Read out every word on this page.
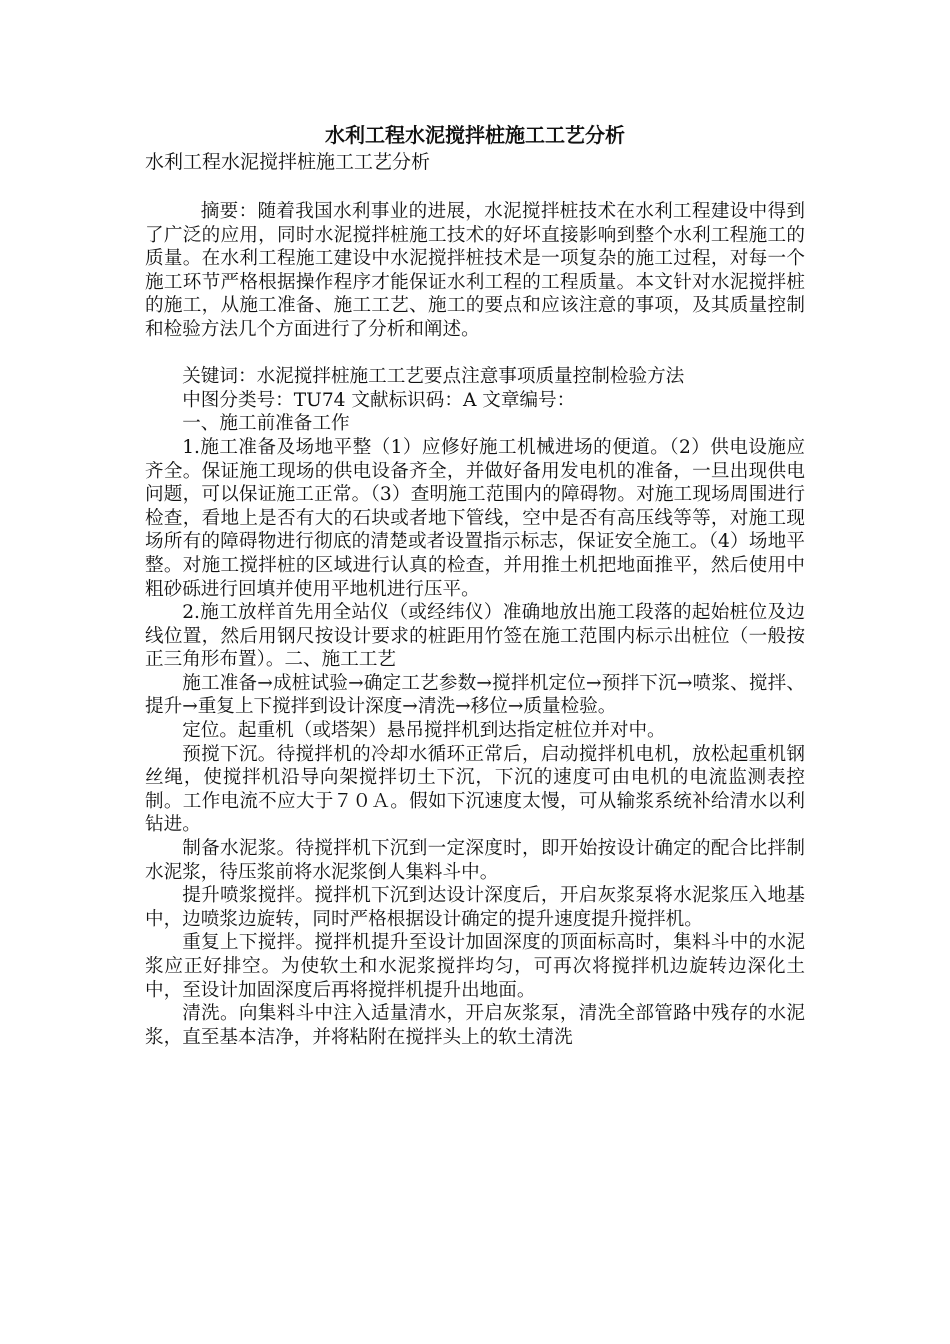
水利工程水泥搅拌桩施工工艺分析
水利工程水泥搅拌桩施工工艺分析

摘要：随着我国水利事业的进展，水泥搅拌桩技术在水利工程建设中得到了广泛的应用，同时水泥搅拌桩施工技术的好坏直接影响到整个水利工程施工的质量。在水利工程施工建设中水泥搅拌桩技术是一项复杂的施工过程，对每一个施工环节严格根据操作程序才能保证水利工程的工程质量。本文针对水泥搅拌桩的施工，从施工准备、施工工艺、施工的要点和应该注意的事项，及其质量控制和检验方法几个方面进行了分析和阐述。

关键词：水泥搅拌桩施工工艺要点注意事项质量控制检验方法

中图分类号：TU74 文献标识码：A 文章编号：

一、施工前准备工作

1.施工准备及场地平整（1）应修好施工机械进场的便道。（2）供电设施应齐全。保证施工现场的供电设备齐全，并做好备用发电机的准备，一旦出现供电问题，可以保证施工正常。（3）查明施工范围内的障碍物。对施工现场周围进行检查，看地上是否有大的石块或者地下管线，空中是否有高压线等等，对施工现场所有的障碍物进行彻底的清楚或者设置指示标志，保证安全施工。（4）场地平整。对施工搅拌桩的区域进行认真的检查，并用推土机把地面推平，然后使用中粗砂砾进行回填并使用平地机进行压平。

2.施工放样首先用全站仪（或经纬仪）准确地放出施工段落的起始桩位及边线位置，然后用钢尺按设计要求的桩距用竹签在施工范围内标示出桩位（一般按正三角形布置）。二、施工工艺

施工准备→成桩试验→确定工艺参数→搅拌机定位→预拌下沉→喷浆、搅拌、提升→重复上下搅拌到设计深度→清洗→移位→质量检验。

定位。起重机（或塔架）悬吊搅拌机到达指定桩位并对中。

预搅下沉。待搅拌机的冷却水循环正常后，启动搅拌机电机，放松起重机钢丝绳，使搅拌机沿导向架搅拌切土下沉，下沉的速度可由电机的电流监测表控制。工作电流不应大于７０Ａ。假如下沉速度太慢，可从输浆系统补给清水以利钻进。

制备水泥浆。待搅拌机下沉到一定深度时，即开始按设计确定的配合比拌制水泥浆，待压浆前将水泥浆倒人集料斗中。

提升喷浆搅拌。搅拌机下沉到达设计深度后，开启灰浆泵将水泥浆压入地基中，边喷浆边旋转，同时严格根据设计确定的提升速度提升搅拌机。

重复上下搅拌。搅拌机提升至设计加固深度的顶面标高时，集料斗中的水泥浆应正好排空。为使软土和水泥浆搅拌均匀，可再次将搅拌机边旋转边深化土中，至设计加固深度后再将搅拌机提升出地面。

清洗。向集料斗中注入适量清水，开启灰浆泵，清洗全部管路中残存的水泥浆，直至基本洁净，并将粘附在搅拌头上的软土清洗
